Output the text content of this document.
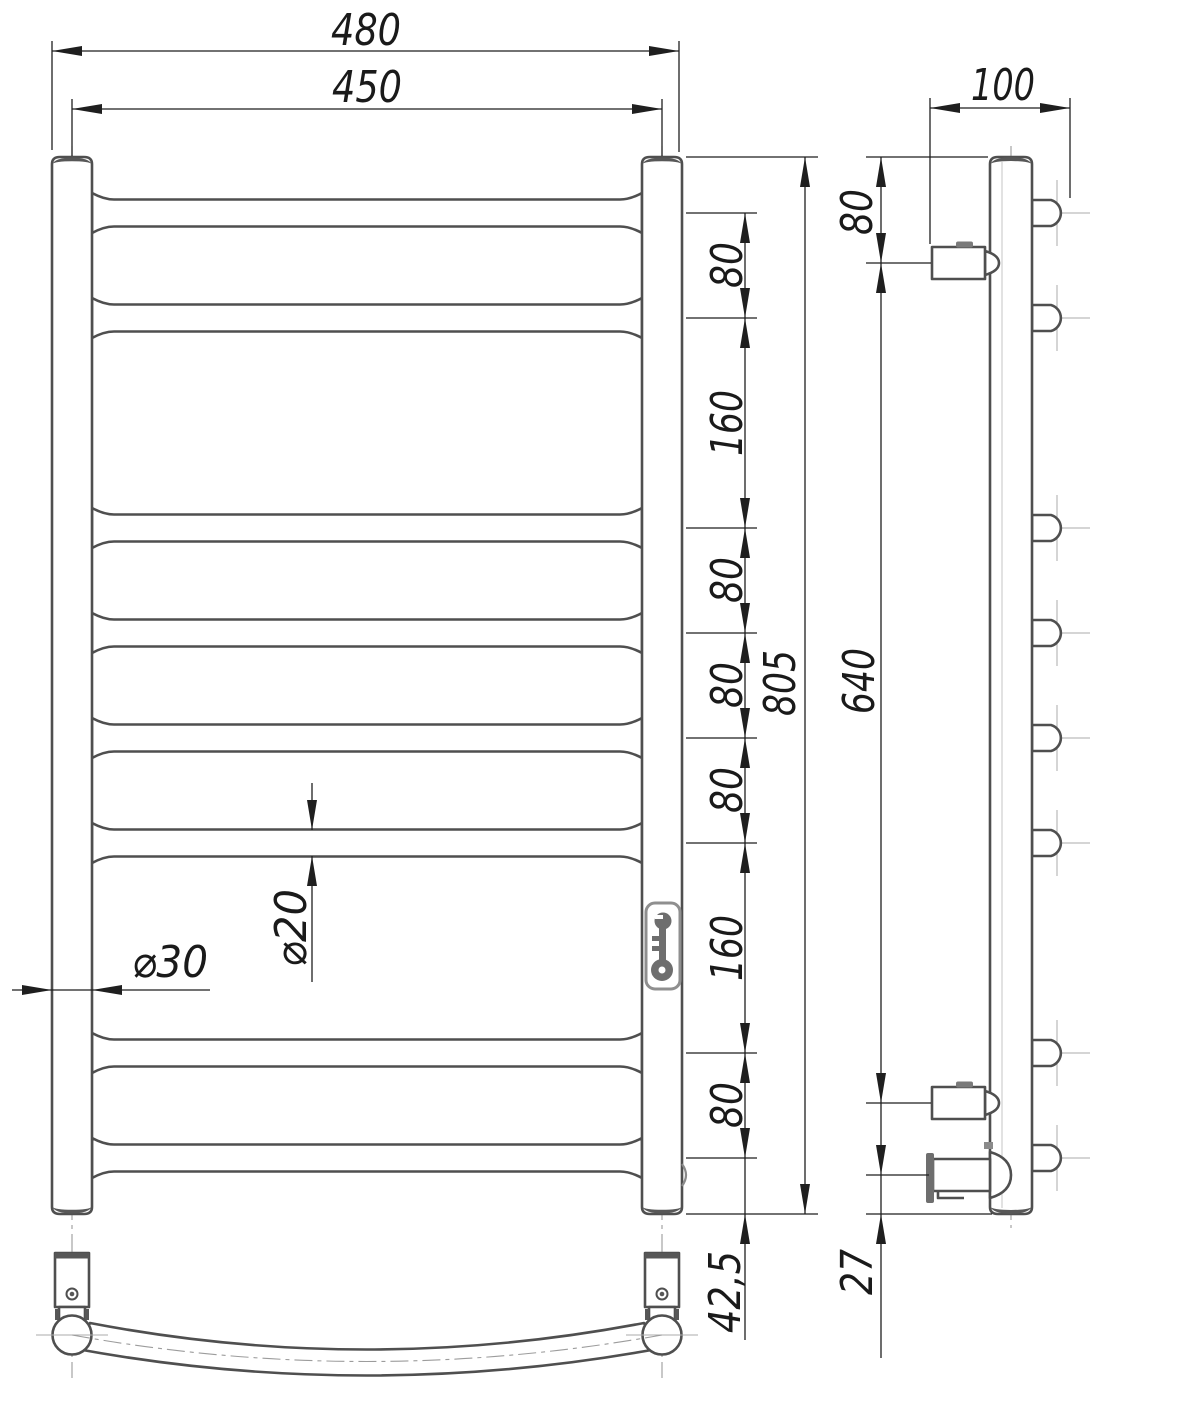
480
450
80
160
80
80
80
160
80
42,5
805
⌀30 ⌀20
100
80
640
27
